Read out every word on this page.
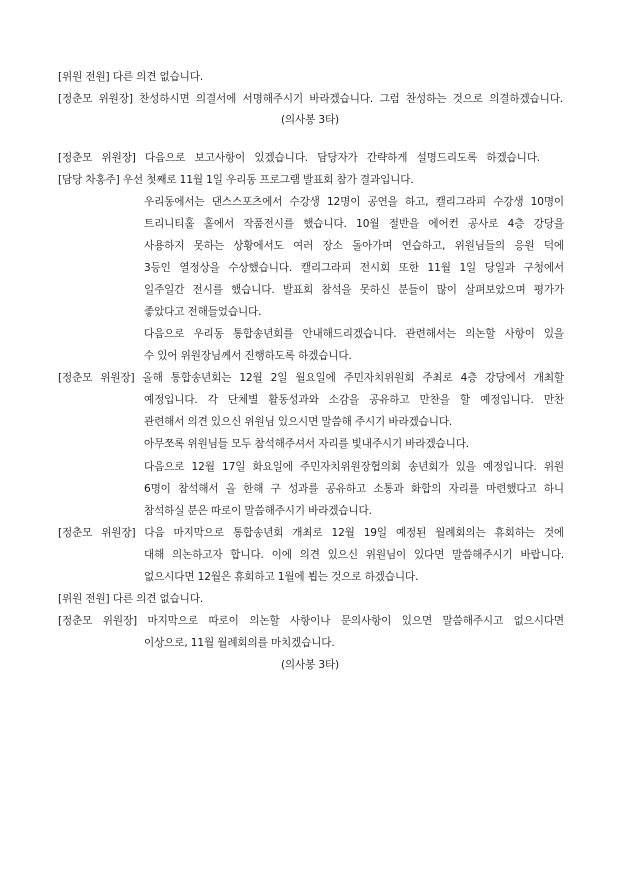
[위원 전원] 다른 의견 없습니다.
[정춘모 위원장] 찬성하시면 의결서에 서명해주시기 바라겠습니다. 그럼 찬성하는 것으로 의결하겠습니다.
(의사봉 3타)
[정춘모 위원장] 다음으로 보고사항이 있겠습니다. 담당자가 간략하게 설명드리도록 하겠습니다.
[담당 차홍주] 우선 첫째로 11월 1일 우리동 프로그램 발표회 참가 결과입니다.
우리동에서는 댄스스포츠에서 수강생 12명이 공연을 하고, 캘리그라피 수강생 10명이
트리니티홀 홀에서 작품전시를 했습니다. 10월 절반을 에어컨 공사로 4층 강당을
사용하지 못하는 상황에서도 여러 장소 돌아가며 연습하고, 위원님들의 응원 덕에
3등인 열정상을 수상했습니다. 캘리그라피 전시회 또한 11월 1일 당일과 구청에서
일주일간 전시를 했습니다. 발표회 참석을 못하신 분들이 많이 살펴보았으며 평가가
좋았다고 전해들었습니다.
다음으로 우리동 통합송년회를 안내해드리겠습니다. 관련해서는 의논할 사항이 있을
수 있어 위원장님께서 진행하도록 하겠습니다.
[정춘모 위원장] 올해 통합송년회는 12월 2일 월요일에 주민자치위원회 주최로 4층 강당에서 개최할
예정입니다. 각 단체별 활동성과와 소감을 공유하고 만찬을 할 예정입니다. 만찬
관련해서 의견 있으신 위원님 있으시면 말씀해 주시기 바라겠습니다.
아무쪼록 위원님들 모두 참석해주셔서 자리를 빛내주시기 바라겠습니다.
다음으로 12월 17일 화요일에 주민자치위원장협의회 송년회가 있을 예정입니다. 위원
6명이 참석해서 올 한해 구 성과를 공유하고 소통과 화합의 자리를 마련했다고 하니
참석하실 분은 따로이 말씀해주시기 바라겠습니다.
[정춘모 위원장] 다음 마지막으로 통합송년회 개최로 12월 19일 예정된 월례회의는 휴회하는 것에
대해 의논하고자 합니다. 이에 의견 있으신 위원님이 있다면 말씀해주시기 바랍니다.
없으시다면 12월은 휴회하고 1월에 뵙는 것으로 하겠습니다.
[위원 전원] 다른 의견 없습니다.
[정춘모 위원장] 마지막으로 따로이 의논할 사항이나 문의사항이 있으면 말씀해주시고 없으시다면
이상으로, 11월 월례회의를 마치겠습니다.
(의사봉 3타)
